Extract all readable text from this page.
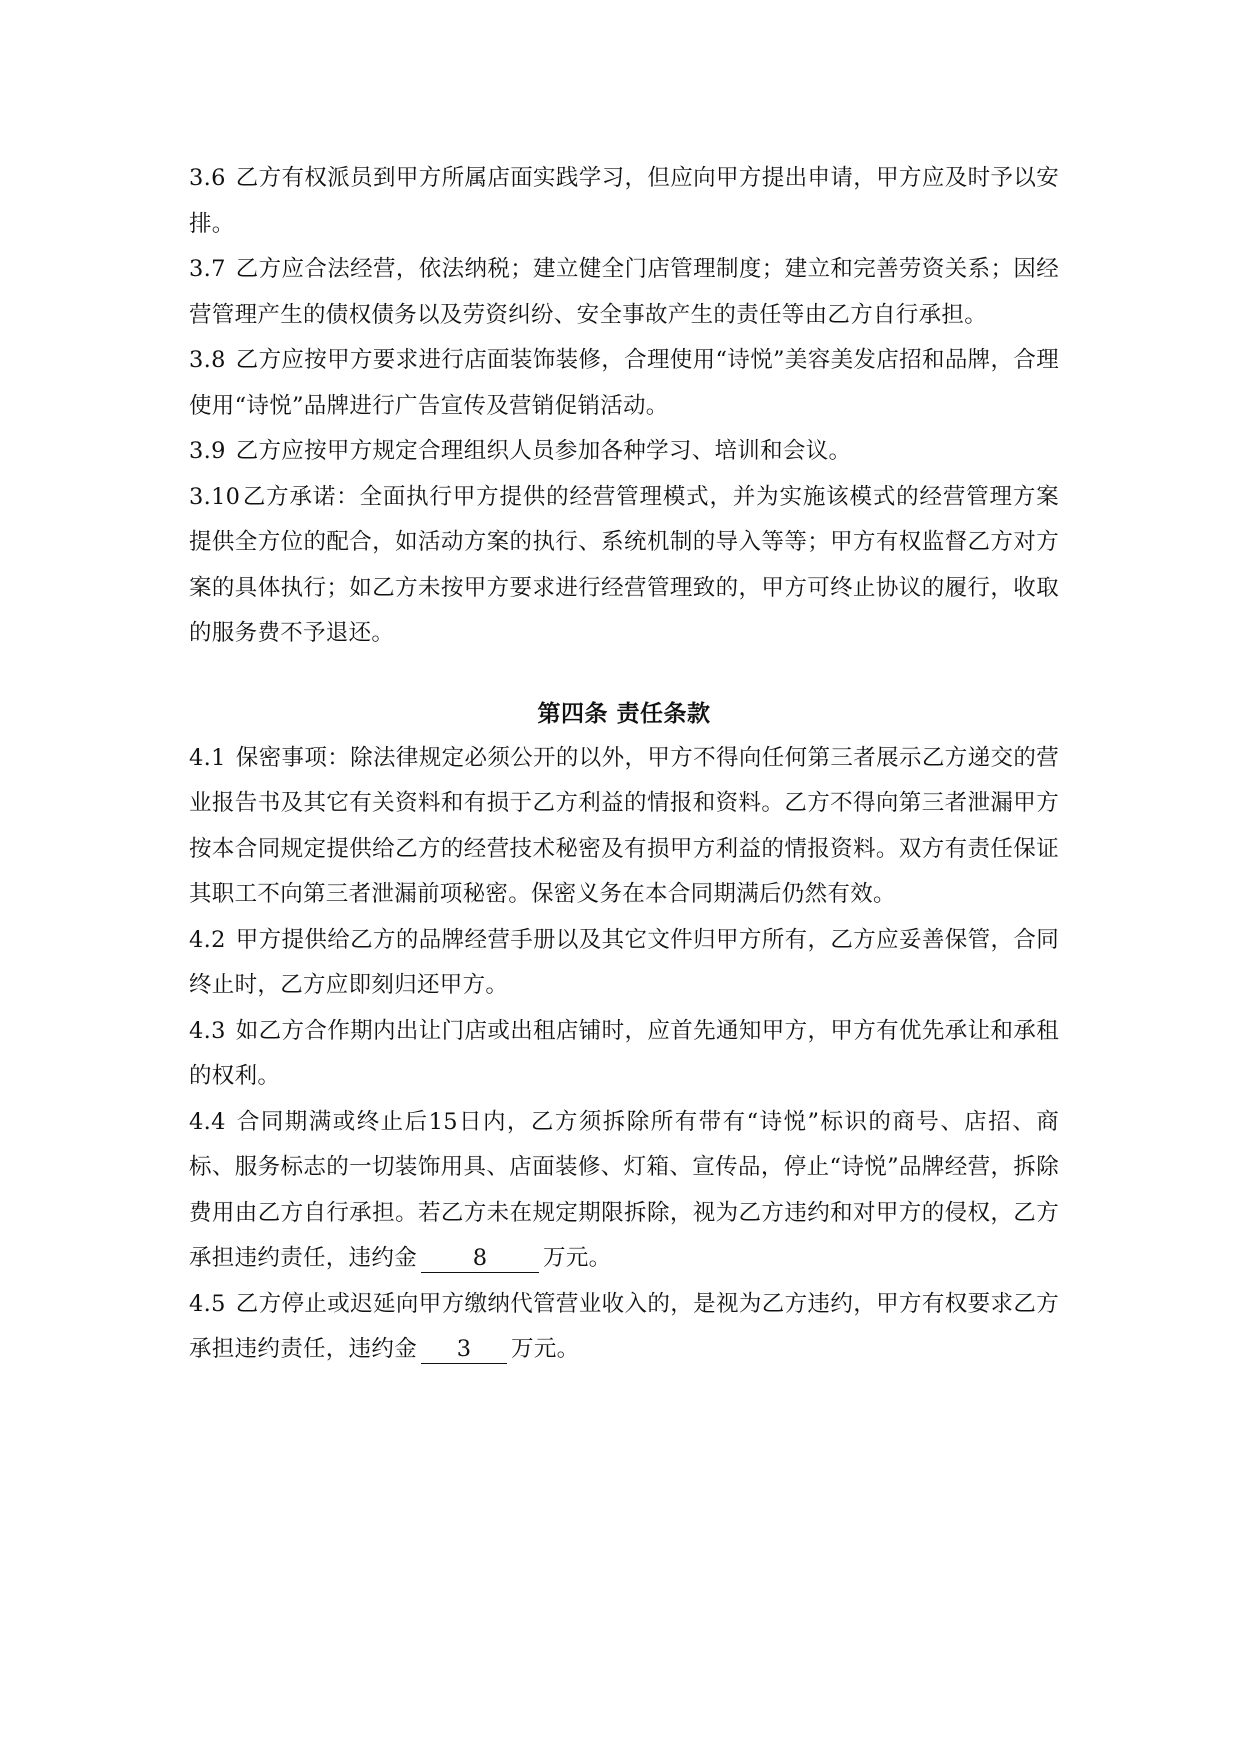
3.6 乙方有权派员到甲方所属店面实践学习，但应向甲方提出申请，甲方应及时予以安排。

3.7 乙方应合法经营，依法纳税；建立健全门店管理制度；建立和完善劳资关系；因经营管理产生的债权债务以及劳资纠纷、安全事故产生的责任等由乙方自行承担。

3.8 乙方应按甲方要求进行店面装饰装修，合理使用“诗悦”美容美发店招和品牌，合理使用“诗悦”品牌进行广告宣传及营销促销活动。

3.9 乙方应按甲方规定合理组织人员参加各种学习、培训和会议。

3.10乙方承诺：全面执行甲方提供的经营管理模式，并为实施该模式的经营管理方案提供全方位的配合，如活动方案的执行、系统机制的导入等等；甲方有权监督乙方对方案的具体执行；如乙方未按甲方要求进行经营管理致的，甲方可终止协议的履行，收取的服务费不予退还。

第四条 责任条款

4.1 保密事项：除法律规定必须公开的以外，甲方不得向任何第三者展示乙方递交的营业报告书及其它有关资料和有损于乙方利益的情报和资料。乙方不得向第三者泄漏甲方按本合同规定提供给乙方的经营技术秘密及有损甲方利益的情报资料。双方有责任保证其职工不向第三者泄漏前项秘密。保密义务在本合同期满后仍然有效。

4.2 甲方提供给乙方的品牌经营手册以及其它文件归甲方所有，乙方应妥善保管，合同终止时，乙方应即刻归还甲方。

4.3 如乙方合作期内出让门店或出租店铺时，应首先通知甲方，甲方有优先承让和承租的权利。

4.4 合同期满或终止后15日内，乙方须拆除所有带有“诗悦”标识的商号、店招、商标、服务标志的一切装饰用具、店面装修、灯箱、宣传品，停止“诗悦”品牌经营，拆除费用由乙方自行承担。若乙方未在规定期限拆除，视为乙方违约和对甲方的侵权，乙方承担违约责任，违约金 8 万元。

4.5 乙方停止或迟延向甲方缴纳代管营业收入的，是视为乙方违约，甲方有权要求乙方承担违约责任，违约金 3 万元。
